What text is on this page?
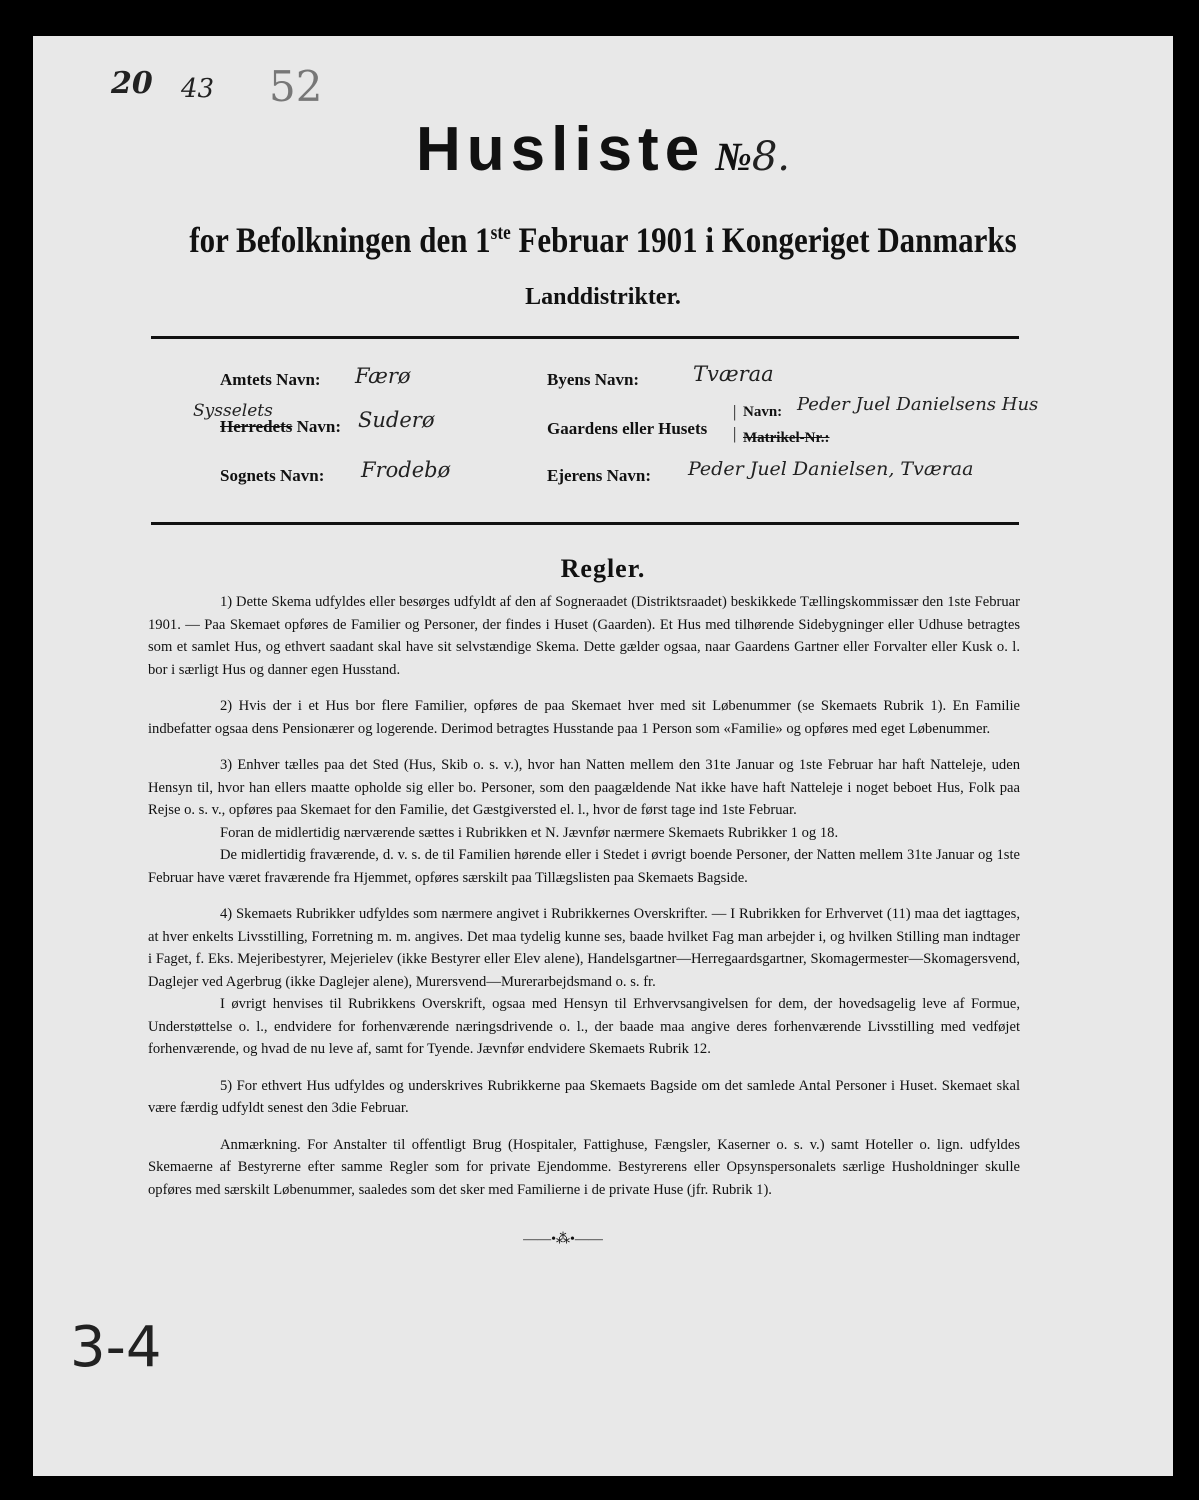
20 43 52
Husliste №8.
for Befolkningen den 1ste Februar 1901 i Kongeriget Danmarks
Landdistrikter.
Amtets Navn: Færø
Sysselets
Herredets Navn: Suderø
Sognets Navn: Frodebø
Byens Navn:	Tværaa
Gaardens eller Husets
|
|
Navn: Peder Juel Danielsens Hus
Matrikel-Nr.:
Ejerens Navn: Peder Juel Danielsen, Tværaa
Regler.

1) Dette Skema udfyldes eller besørges udfyldt af den af Sogneraadet (Distriktsraadet) beskikkede Tællingskommissær den 1ste Februar 1901. — Paa Skemaet opføres de Familier og Personer, der findes i Huset (Gaarden). Et Hus med tilhørende Sidebygninger eller Udhuse betragtes som et samlet Hus, og ethvert saadant skal have sit selvstændige Skema. Dette gælder ogsaa, naar Gaardens Gartner eller Forvalter eller Kusk o. l. bor i særligt Hus og danner egen Husstand.

2) Hvis der i et Hus bor flere Familier, opføres de paa Skemaet hver med sit Løbenummer (se Skemaets Rubrik 1). En Familie indbefatter ogsaa dens Pensionærer og logerende. Derimod betragtes Husstande paa 1 Person som «Familie» og opføres med eget Løbenummer.

3) Enhver tælles paa det Sted (Hus, Skib o. s. v.), hvor han Natten mellem den 31te Januar og 1ste Februar har haft Natteleje, uden Hensyn til, hvor han ellers maatte opholde sig eller bo. Personer, som den paagældende Nat ikke have haft Natteleje i noget beboet Hus, Folk paa Rejse o. s. v., opføres paa Skemaet for den Familie, det Gæstgiversted el. l., hvor de først tage ind 1ste Februar.

Foran de midlertidig nærværende sættes i Rubrikken et N. Jævnfør nærmere Skemaets Rubrikker 1 og 18.

De midlertidig fraværende, d. v. s. de til Familien hørende eller i Stedet i øvrigt boende Personer, der Natten mellem 31te Januar og 1ste Februar have været fraværende fra Hjemmet, opføres særskilt paa Tillægslisten paa Skemaets Bagside.

4) Skemaets Rubrikker udfyldes som nærmere angivet i Rubrikkernes Overskrifter. — I Rubrikken for Erhvervet (11) maa det iagttages, at hver enkelts Livsstilling, Forretning m. m. angives. Det maa tydelig kunne ses, baade hvilket Fag man arbejder i, og hvilken Stilling man indtager i Faget, f. Eks. Mejeribestyrer, Mejerielev (ikke Bestyrer eller Elev alene), Handelsgartner—Herregaardsgartner, Skomagermester—Skomagersvend, Daglejer ved Agerbrug (ikke Daglejer alene), Murersvend—Murerarbejdsmand o. s. fr.

I øvrigt henvises til Rubrikkens Overskrift, ogsaa med Hensyn til Erhvervsangivelsen for dem, der hovedsagelig leve af Formue, Understøttelse o. l., endvidere for forhenværende næringsdrivende o. l., der baade maa angive deres forhenværende Livsstilling med vedføjet forhenværende, og hvad de nu leve af, samt for Tyende. Jævnfør endvidere Skemaets Rubrik 12.

5) For ethvert Hus udfyldes og underskrives Rubrikkerne paa Skemaets Bagside om det samlede Antal Personer i Huset. Skemaet skal være færdig udfyldt senest den 3die Februar.

Anmærkning. For Anstalter til offentligt Brug (Hospitaler, Fattighuse, Fængsler, Kaserner o. s. v.) samt Hoteller o. lign. udfyldes Skemaerne af Bestyrerne efter samme Regler som for private Ejendomme. Bestyrerens eller Opsynspersonalets særlige Husholdninger skulle opføres med særskilt Løbenummer, saaledes som det sker med Familierne i de private Huse (jfr. Rubrik 1).

——•⁂•——
3-4
